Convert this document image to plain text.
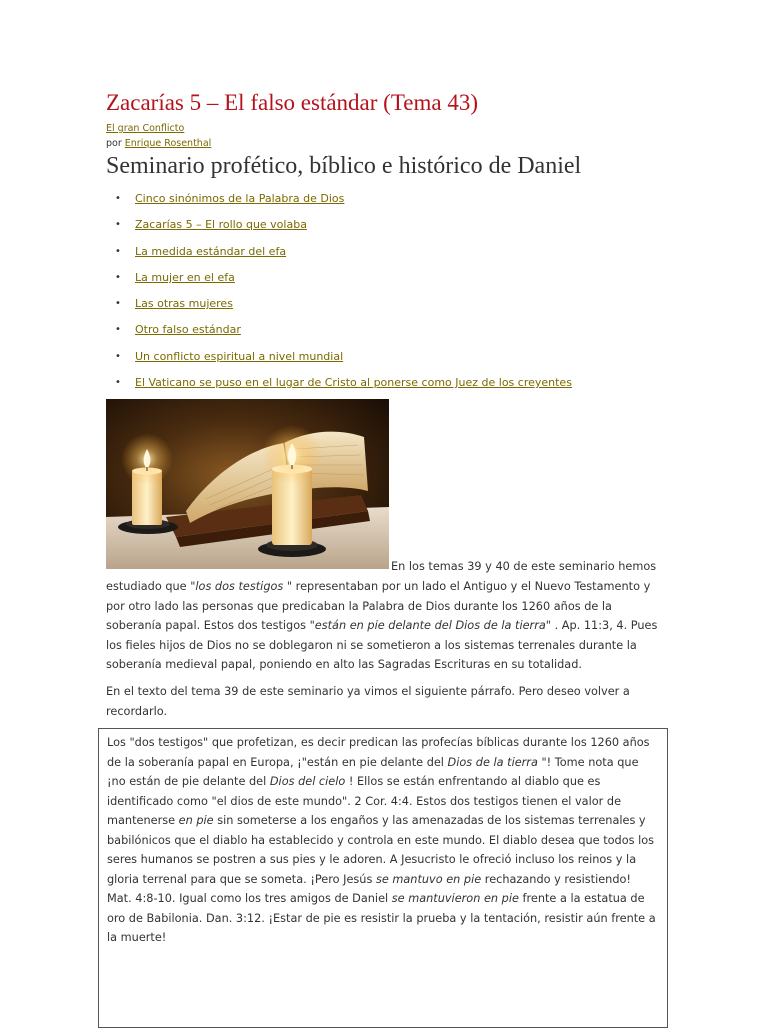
Zacarías 5 – El falso estándar (Tema 43)
El gran Conflicto
por Enrique Rosenthal
Seminario profético, bíblico e histórico de Daniel
• Cinco sinónimos de la Palabra de Dios
• Zacarías 5 – El rollo que volaba
• La medida estándar del efa
• La mujer en el efa
• Las otras mujeres
• Otro falso estándar
• Un conflicto espiritual a nivel mundial
• El Vaticano se puso en el lugar de Cristo al ponerse como Juez de los creyentes
En los temas 39 y 40 de este seminario hemos

estudiado que "los dos testigos " representaban por un lado el Antiguo y el Nuevo Testamento y por otro lado las personas que predicaban la Palabra de Dios durante los 1260 años de la soberanía papal. Estos dos testigos "están en pie delante del Dios de la tierra" . Ap. 11:3, 4. Pues los fieles hijos de Dios no se doblegaron ni se sometieron a los sistemas terrenales durante la soberanía medieval papal, poniendo en alto las Sagradas Escrituras en su totalidad.

En el texto del tema 39 de este seminario ya vimos el siguiente párrafo. Pero deseo volver a recordarlo.

Los "dos testigos" que profetizan, es decir predican las profecías bíblicas durante los 1260 años de la soberanía papal en Europa, ¡"están en pie delante del Dios de la tierra "! Tome nota que ¡no están de pie delante del Dios del cielo ! Ellos se están enfrentando al diablo que es identificado como "el dios de este mundo". 2 Cor. 4:4. Estos dos testigos tienen el valor de mantenerse en pie sin someterse a los engaños y las amenazadas de los sistemas terrenales y babilónicos que el diablo ha establecido y controla en este mundo. El diablo desea que todos los seres humanos se postren a sus pies y le adoren. A Jesucristo le ofreció incluso los reinos y la gloria terrenal para que se someta. ¡Pero Jesús se mantuvo en pie rechazando y resistiendo! Mat. 4:8-10. Igual como los tres amigos de Daniel se mantuvieron en pie frente a la estatua de oro de Babilonia. Dan. 3:12. ¡Estar de pie es resistir la prueba y la tentación, resistir aún frente a la muerte!
